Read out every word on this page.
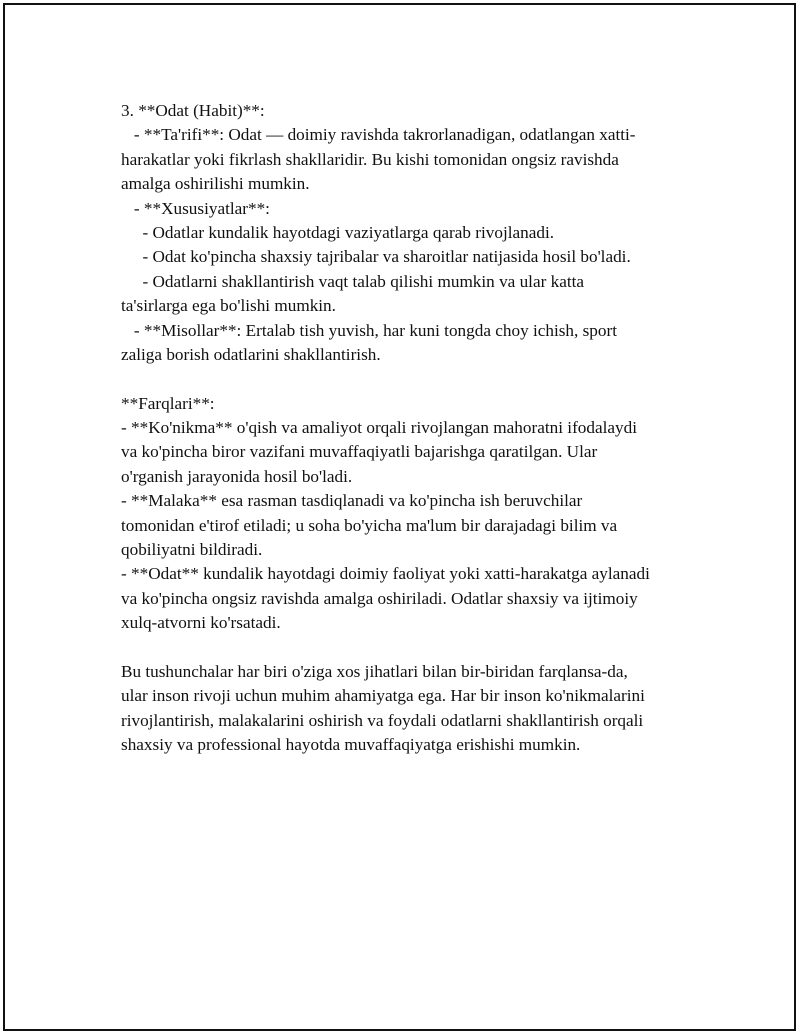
3. **Odat (Habit)**:
- **Ta'rifi**: Odat — doimiy ravishda takrorlanadigan, odatlangan xatti-
harakatlar yoki fikrlash shakllaridir. Bu kishi tomonidan ongsiz ravishda
amalga oshirilishi mumkin.
- **Xususiyatlar**:
- Odatlar kundalik hayotdagi vaziyatlarga qarab rivojlanadi.
- Odat ko'pincha shaxsiy tajribalar va sharoitlar natijasida hosil bo'ladi.
- Odatlarni shakllantirish vaqt talab qilishi mumkin va ular katta
ta'sirlarga ega bo'lishi mumkin.
- **Misollar**: Ertalab tish yuvish, har kuni tongda choy ichish, sport
zaliga borish odatlarini shakllantirish.
**Farqlari**:
- **Ko'nikma** o'qish va amaliyot orqali rivojlangan mahoratni ifodalaydi
va ko'pincha biror vazifani muvaffaqiyatli bajarishga qaratilgan. Ular
o'rganish jarayonida hosil bo'ladi.
- **Malaka** esa rasman tasdiqlanadi va ko'pincha ish beruvchilar
tomonidan e'tirof etiladi; u soha bo'yicha ma'lum bir darajadagi bilim va
qobiliyatni bildiradi.
- **Odat** kundalik hayotdagi doimiy faoliyat yoki xatti-harakatga aylanadi
va ko'pincha ongsiz ravishda amalga oshiriladi. Odatlar shaxsiy va ijtimoiy
xulq-atvorni ko'rsatadi.
Bu tushunchalar har biri o'ziga xos jihatlari bilan bir-biridan farqlansa-da,
ular inson rivoji uchun muhim ahamiyatga ega. Har bir inson ko'nikmalarini
rivojlantirish, malakalarini oshirish va foydali odatlarni shakllantirish orqali
shaxsiy va professional hayotda muvaffaqiyatga erishishi mumkin.
